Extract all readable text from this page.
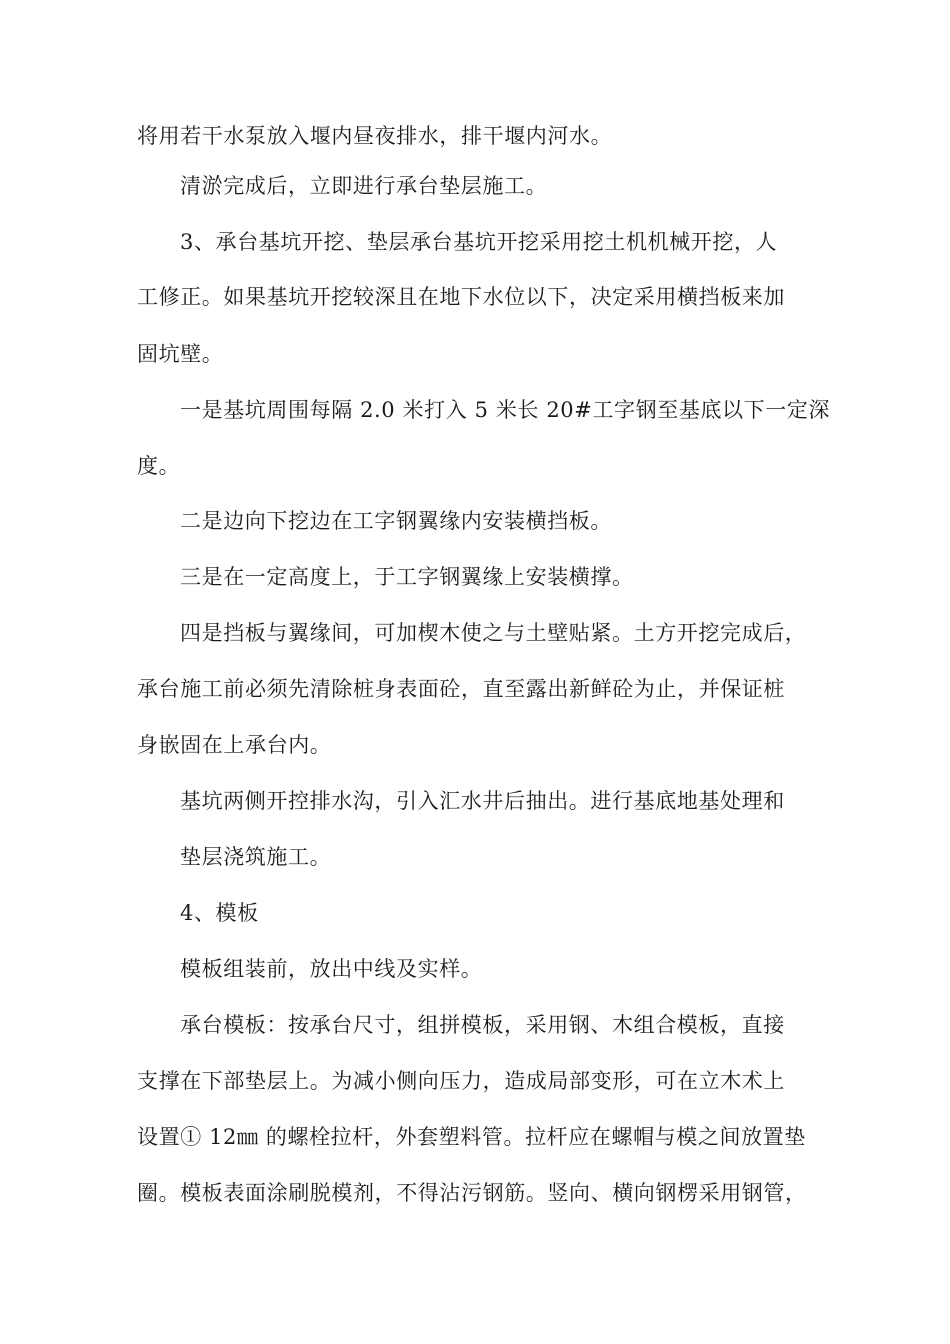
将用若干水泵放入堰内昼夜排水，排干堰内河水。
清淤完成后，立即进行承台垫层施工。
3、承台基坑开挖、垫层承台基坑开挖采用挖土机机械开挖，人
工修正。如果基坑开挖较深且在地下水位以下，决定采用横挡板来加
固坑壁。
一是基坑周围每隔 2.0 米打入 5 米长 20#工字钢至基底以下一定深
度。
二是边向下挖边在工字钢翼缘内安装横挡板。
三是在一定高度上，于工字钢翼缘上安装横撑。
四是挡板与翼缘间，可加楔木使之与土壁贴紧。土方开挖完成后，
承台施工前必须先清除桩身表面砼，直至露出新鲜砼为止，并保证桩
身嵌固在上承台内。
基坑两侧开控排水沟，引入汇水井后抽出。进行基底地基处理和
垫层浇筑施工。
4、模板
模板组装前，放出中线及实样。
承台模板：按承台尺寸，组拼模板，采用钢、木组合模板，直接
支撑在下部垫层上。为减小侧向压力，造成局部变形，可在立木术上
设置① 12㎜ 的螺栓拉杆，外套塑料管。拉杆应在螺帽与模之间放置垫
圈。模板表面涂刷脱模剂，不得沾污钢筋。竖向、横向钢楞采用钢管，
